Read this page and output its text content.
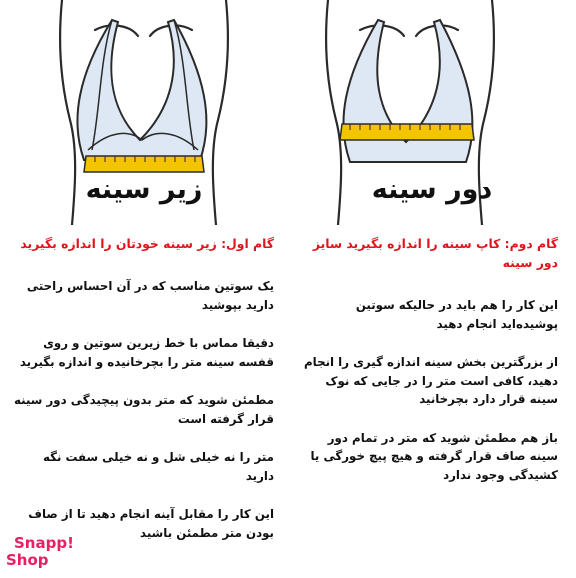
زیر سینه	دور سینه
گام دوم: کاپ سینه را اندازه بگیرید سایز دور سینه
این کار را هم باید در حالیکه سوتین پوشیده‌اید انجام دهید
از بزرگترین بخش سینه اندازه گیری را انجام دهید، کافی است متر را در جایی که نوک سینه قرار دارد بچرخانید
باز هم مطمئن شوید که متر در تمام دور سینه صاف قرار گرفته و هیچ پیچ خورگی یا کشیدگی وجود ندارد
گام اول: زیر سینه خودتان را اندازه بگیرید
یک سوتین مناسب که در آن احساس راحتی دارید بپوشید
دقیقا مماس با خط زیرین سوتین و روی قفسه سینه متر را بچرخانیده و اندازه بگیرید
مطمئن شوید که متر بدون پیچیدگی دور سینه قرار گرفته است
متر را نه خیلی شل و نه خیلی سفت نگه دارید
این کار را مقابل آینه انجام دهید تا از صاف بودن متر مطمئن باشید
Snapp!
Shop
